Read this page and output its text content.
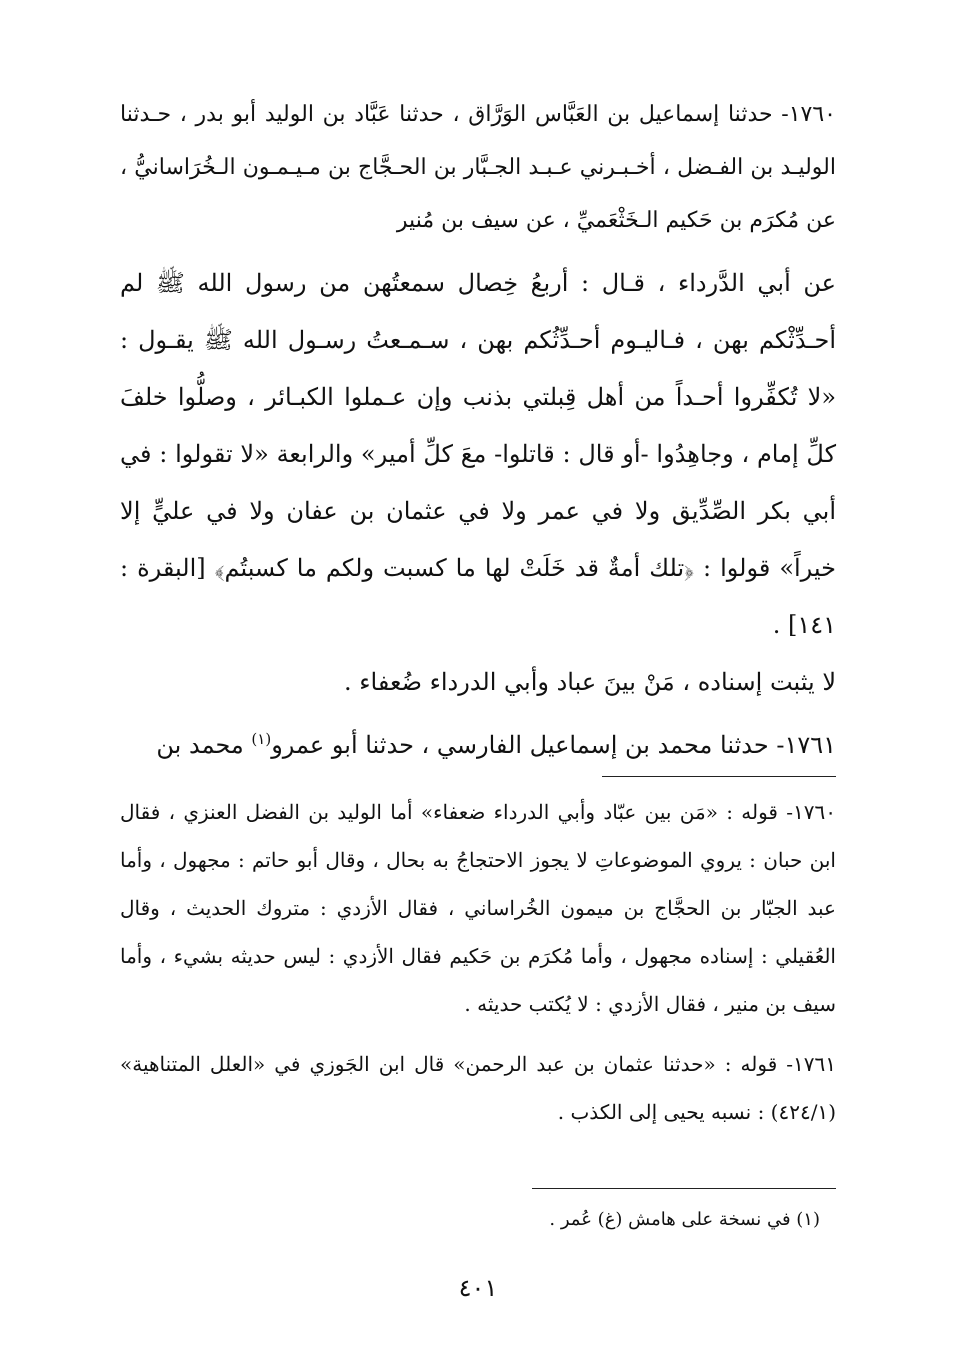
١٧٦٠- حدثنا إسماعيل بن العَبَّاس الوَرَّاق ، حدثنا عَبَّاد بن الوليد أبو بدر ، حـدثنا الوليـد بن الفـضل ، أخـبـرني عـبـد الجـبَّار بن الحـجَّاج بن مـيـمـون الـخُرَاسانيُّ ، عن مُكرَم بن حَكيم الـخَثْعَميِّ ، عن سيف بن مُنير

عن أبي الدَّرداء ، قـال : أربعُ خِصال سمعتُهن من رسول الله ﷺ لم أحـدِّثْكم بهن ، فـاليـوم أحـدِّثُكم بهن ، سـمـعتُ رسـول الله ﷺ يقـول : «لا تُكفِّروا أحـداً من أهل قِبلتي بذنب وإن عـملوا الكبـائر ، وصلُّوا خلفَ كلِّ إمام ، وجاهِدُوا -أو قال : قاتلوا- معَ كلِّ أمير» والرابعة «لا تقولوا : في أبي بكر الصِّدِّيق ولا في عمر ولا في عثمان بن عفان ولا في عليٍّ إلا خيراً» قولوا : ﴿تلك أمةٌ قد خَلَتْ لها ما كسبت ولكم ما كسبتُم﴾ [البقرة : ١٤١] .

لا يثبت إسناده ، مَنْ بينَ عباد وأبي الدرداء ضُعفاء .

١٧٦١- حدثنا محمد بن إسماعيل الفارسي ، حدثنا أبو عمرو$^{(١)}$ محمد بن

١٧٦٠- قوله : «مَن بين عبّاد وأبي الدرداء ضعفاء» أما الوليد بن الفضل العنزي ، فقال ابن حبان : يروي الموضوعاتِ لا يجوز الاحتجاجُ به بحال ، وقال أبو حاتم : مجهول ، وأما عبد الجبّار بن الحجَّاج بن ميمون الخُراساني ، فقال الأزدي : متروك الحديث ، وقال العُقيلي : إسناده مجهول ، وأما مُكرَم بن حَكيم فقال الأزدي : ليس حديثه بشيء ، وأما سيف بن منير ، فقال الأزدي : لا يُكتب حديثه .

١٧٦١- قوله : «حدثنا عثمان بن عبد الرحمن» قال ابن الجَوزي في «العلل المتناهية» (٤٢٤/١) : نسبه يحيى إلى الكذب .

(١) في نسخة على هامش (غ) عُمر .

٤٠١
